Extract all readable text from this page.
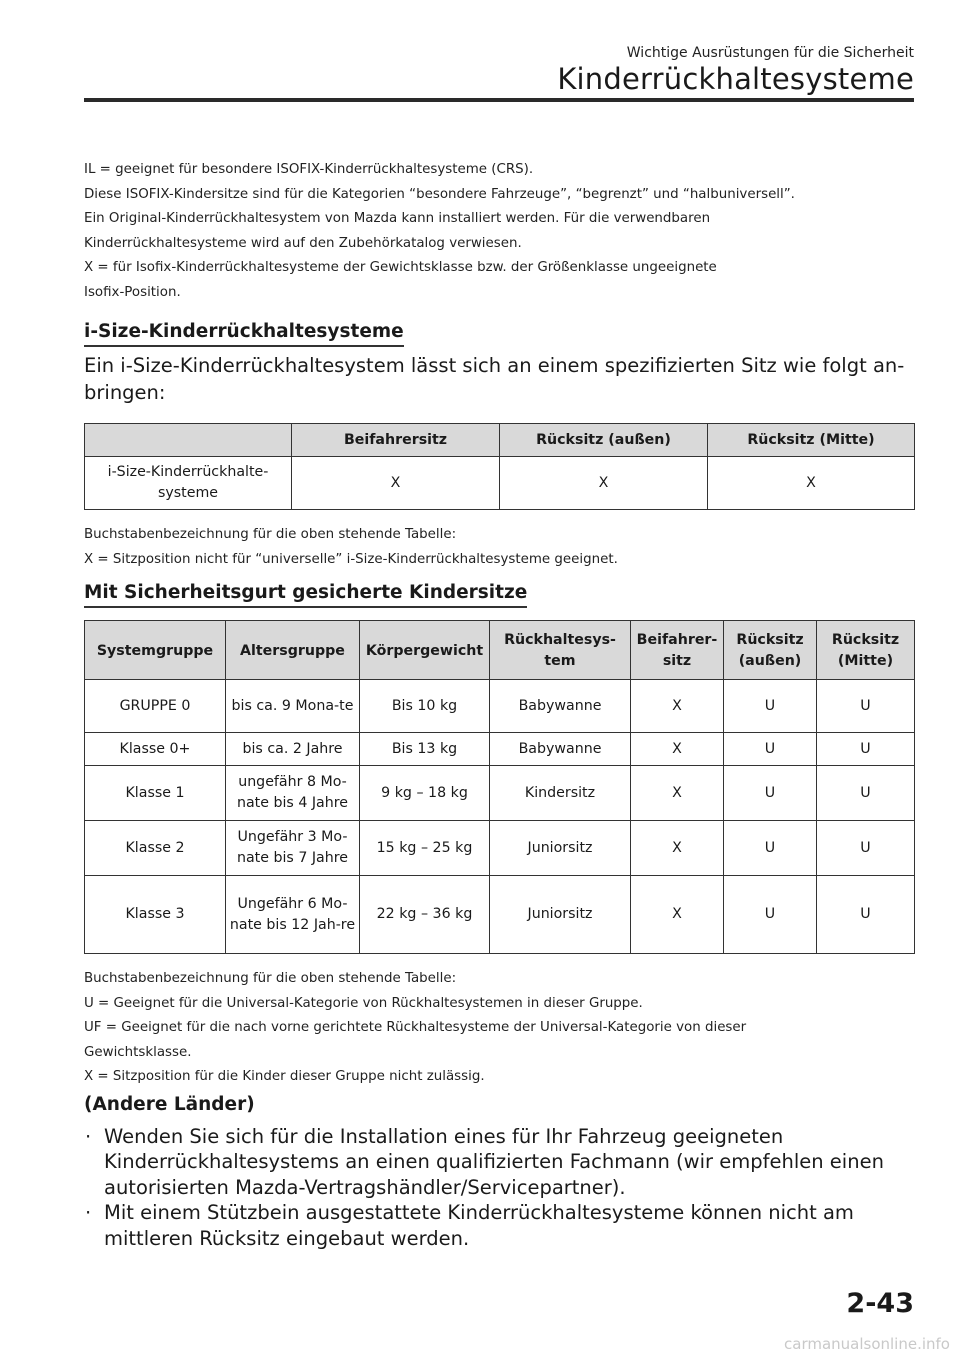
Wichtige Ausrüstungen für die Sicherheit
Kinderrückhaltesysteme
IL = geeignet für besondere ISOFIX-Kinderrückhaltesysteme (CRS).
Diese ISOFIX-Kindersitze sind für die Kategorien “besondere Fahrzeuge”, “begrenzt” und “halbuniversell”.
Ein Original-Kinderrückhaltesystem von Mazda kann installiert werden. Für die verwendbaren
Kinderrückhaltesysteme wird auf den Zubehörkatalog verwiesen.
X = für Isofix-Kinderrückhaltesysteme der Gewichtsklasse bzw. der Größenklasse ungeeignete
Isofix-Position.
i-Size-Kinderrückhaltesysteme
Ein i-Size-Kinderrückhaltesystem lässt sich an einem spezifizierten Sitz wie folgt an-bringen:
	Beifahrersitz	Rücksitz (außen)	Rücksitz (Mitte)
i-Size-Kinderrückhalte-systeme	X	X	X
Buchstabenbezeichnung für die oben stehende Tabelle:
X = Sitzposition nicht für “universelle” i-Size-Kinderrückhaltesysteme geeignet.
Mit Sicherheitsgurt gesicherte Kindersitze
Systemgruppe	Altersgruppe	Körpergewicht	Rückhaltesys-tem	Beifahrer-sitz	Rücksitz (außen)	Rücksitz (Mitte)
GRUPPE 0	bis ca. 9 Mona-te	Bis 10 kg	Babywanne	X	U	U
Klasse 0+	bis ca. 2 Jahre	Bis 13 kg	Babywanne	X	U	U
Klasse 1	ungefähr 8 Mo-nate bis 4 Jahre	9 kg – 18 kg	Kindersitz	X	U	U
Klasse 2	Ungefähr 3 Mo-nate bis 7 Jahre	15 kg – 25 kg	Juniorsitz	X	U	U
Klasse 3	Ungefähr 6 Mo-nate bis 12 Jah-re	22 kg – 36 kg	Juniorsitz	X	U	U
Buchstabenbezeichnung für die oben stehende Tabelle:
U = Geeignet für die Universal-Kategorie von Rückhaltesystemen in dieser Gruppe.
UF = Geeignet für die nach vorne gerichtete Rückhaltesysteme der Universal-Kategorie von dieser
Gewichtsklasse.
X = Sitzposition für die Kinder dieser Gruppe nicht zulässig.
(Andere Länder)
· Wenden Sie sich für die Installation eines für Ihr Fahrzeug geeigneten Kinderrückhaltesystems an einen qualifizierten Fachmann (wir empfehlen einen autorisierten Mazda-Vertragshändler/Servicepartner).
· Mit einem Stützbein ausgestattete Kinderrückhaltesysteme können nicht am mittleren Rücksitz eingebaut werden.
2-43
carmanualsonline.info
